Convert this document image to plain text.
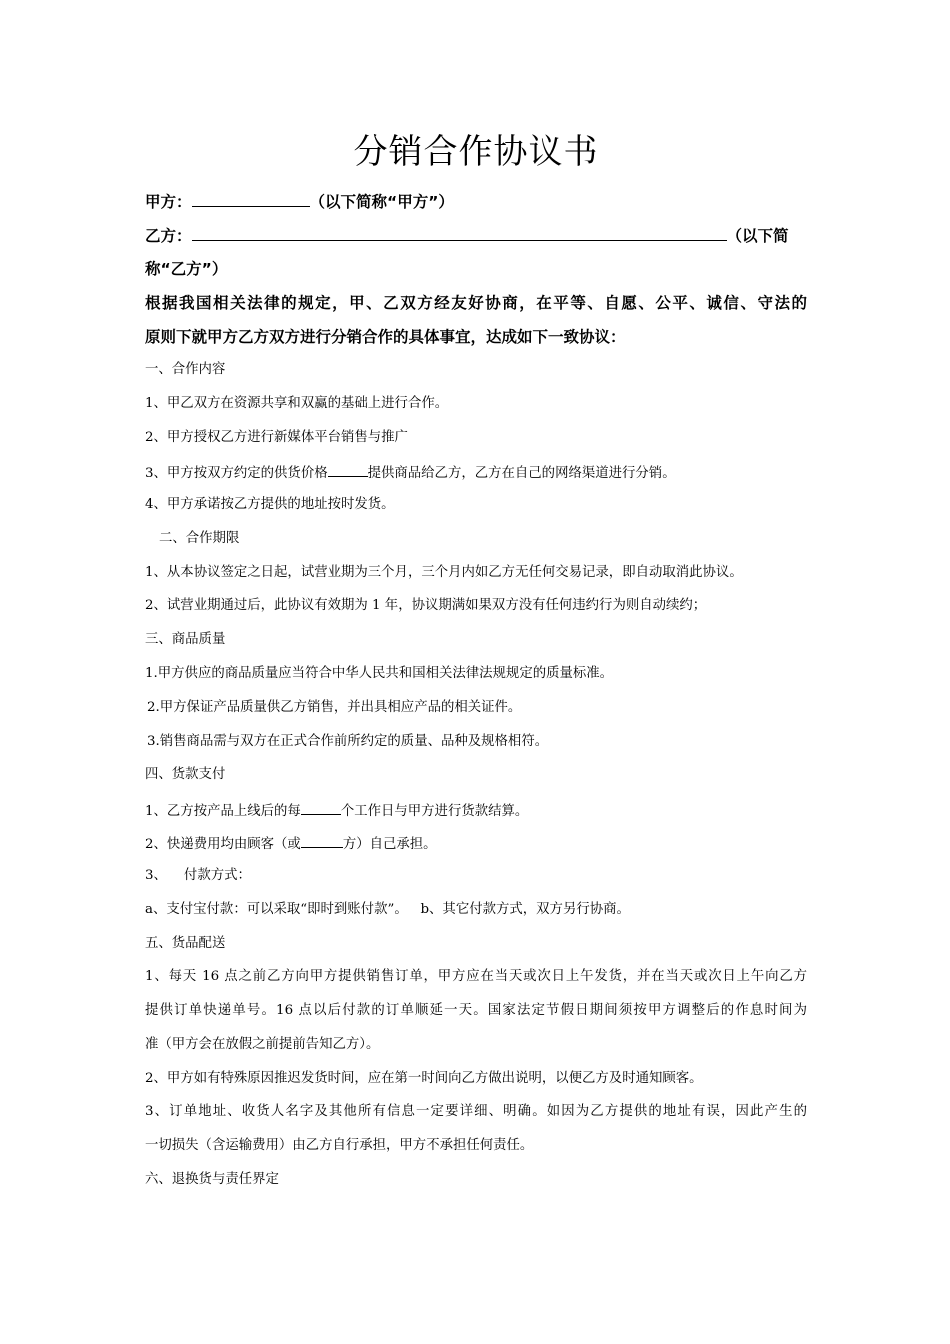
分销合作协议书
甲方：	（以下简称“甲方”）
乙方：	（以下简
称“乙方”）
根据我国相关法律的规定，甲、乙双方经友好协商，在平等、自愿、公平、诚信、守法的
原则下就甲方乙方双方进行分销合作的具体事宜，达成如下一致协议：
一、合作内容
1、甲乙双方在资源共享和双赢的基础上进行合作。
2、甲方授权乙方进行新媒体平台销售与推广
3、甲方按双方约定的供货价格	提供商品给乙方，乙方在自己的网络渠道进行分销。
4、甲方承诺按乙方提供的地址按时发货。
二、合作期限
1、从本协议签定之日起，试营业期为三个月，三个月内如乙方无任何交易记录，即自动取消此协议。
2、试营业期通过后，此协议有效期为 1 年，协议期满如果双方没有任何违约行为则自动续约；
三、商品质量
1.甲方供应的商品质量应当符合中华人民共和国相关法律法规规定的质量标准。
2.甲方保证产品质量供乙方销售，并出具相应产品的相关证件。
3.销售商品需与双方在正式合作前所约定的质量、品种及规格相符。
四、货款支付
1、乙方按产品上线后的每	个工作日与甲方进行货款结算。
2、快递费用均由顾客（或	方）自己承担。
3、    付款方式：
a、支付宝付款：可以采取“即时到账付款”。   b、其它付款方式，双方另行协商。
五、货品配送
1、每天 16 点之前乙方向甲方提供销售订单，甲方应在当天或次日上午发货，并在当天或次日上午向乙方
提供订单快递单号。16 点以后付款的订单顺延一天。国家法定节假日期间须按甲方调整后的作息时间为
准（甲方会在放假之前提前告知乙方）。
2、甲方如有特殊原因推迟发货时间，应在第一时间向乙方做出说明，以便乙方及时通知顾客。
3、订单地址、收货人名字及其他所有信息一定要详细、明确。如因为乙方提供的地址有误，因此产生的
一切损失（含运输费用）由乙方自行承担，甲方不承担任何责任。
六、退换货与责任界定
